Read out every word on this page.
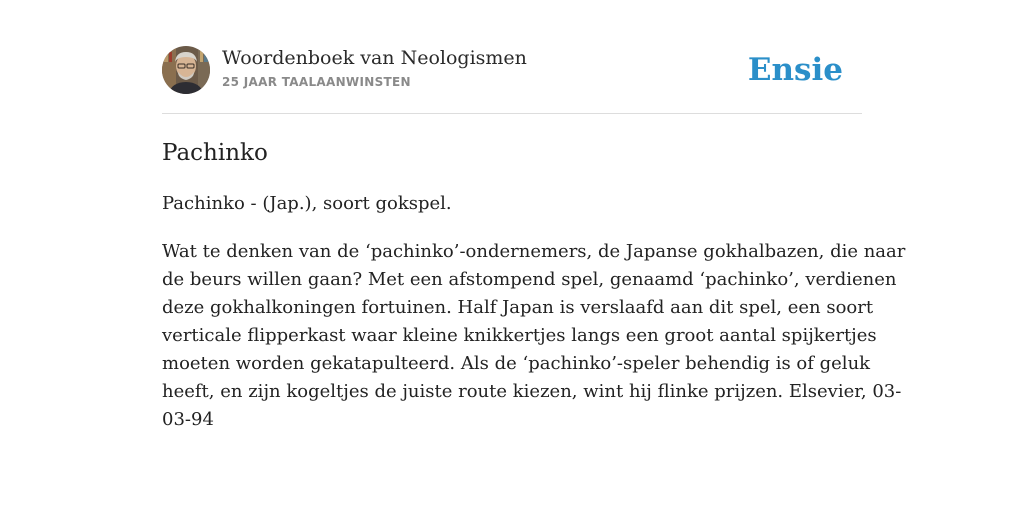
Woordenboek van Neologismen
25 JAAR TAALAANWINSTEN	Ensie
Pachinko
Pachinko - (Jap.), soort gokspel.
Wat te denken van de ‘pachinko’-ondernemers, de Japanse gokhalbazen, die naar
de beurs willen gaan? Met een afstompend spel, genaamd ‘pachinko’, verdienen
deze gokhalkoningen fortuinen. Half Japan is verslaafd aan dit spel, een soort
verticale flipperkast waar kleine knikkertjes langs een groot aantal spijkertjes
moeten worden gekatapulteerd. Als de ‘pachinko’-speler behendig is of geluk
heeft, en zijn kogeltjes de juiste route kiezen, wint hij flinke prijzen. Elsevier, 03-
03-94
